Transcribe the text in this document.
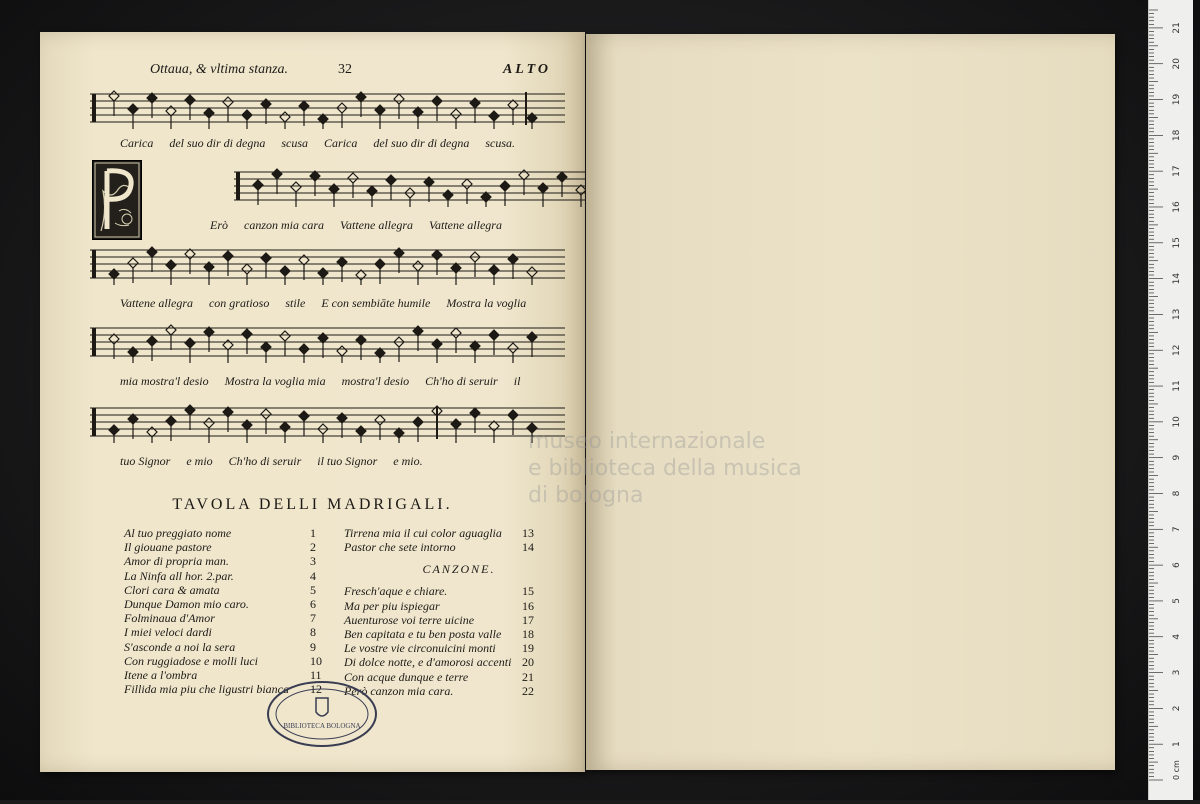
Ottaua, & vltima stanza.	32	ALTO
Carica del suo dir di degna scusa Carica del suo dir di degna scusa.
Erò canzon mia cara Vattene allegra Vattene allegra
Vattene allegra con gratioso stile E con sembiāte humile Mostra la voglia
mia mostra'l desio Mostra la voglia mia mostra'l desio Ch'ho di seruir il
tuo Signor e mio Ch'ho di seruir il tuo Signor e mio.
TAVOLA DELLI MADRIGALI.
Al tuo preggiato nome	1
Il giouane pastore	2
Amor di propria man.	3
La Ninfa all hor. 2.par.	4
Clori cara & amata	5
Dunque Damon mio caro.	6
Folminaua d'Amor	7
I miei veloci dardi	8
S'asconde a noi la sera	9
Con ruggiadose e molli luci	10
Itene a l'ombra	11
Fillida mia piu che ligustri bianca 12
Tirrena mia il cui color aguaglia 13
Pastor che sete intorno	14
CANZONE.
Fresch'aque e chiare.	15
Ma per piu ispiegar	16
Auenturose voi terre uicine	17
Ben capitata e tu ben posta valle 18
Le vostre vie circonuicini monti 19
Di dolce notte, e d'amorosi accenti 20
Con acque dunque e terre	21
Però canzon mia cara.	22
BIBLIOTECA BOLOGNA
museo internazionale
e biblioteca della musica
di bologna
0 cm
1
2
3
4
5
6
7
8
9
10
11
12
13
14
15
16
17
18
19
20
21
